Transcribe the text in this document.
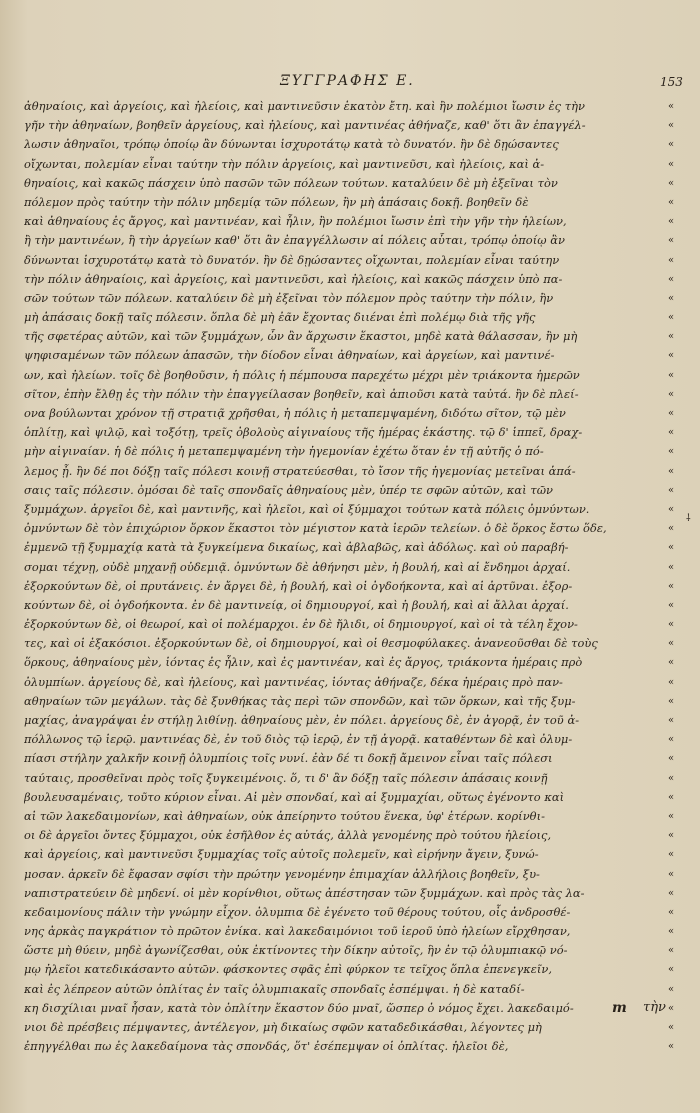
ΞΥΓΓΡΑΦΗΣ Ε.	153
ἀθηναίοις, καὶ ἀργείοις, καὶ ἠλείοις, καὶ μαντινεῦσιν ἑκατὸν ἔτη. καὶ ἢν πολέμιοι ἴωσιν ἐς τὴν
γῆν τὴν ἀθηναίων, βοηθεῖν ἀργείους, καὶ ἠλείους, καὶ μαντινέας ἀθήναζε, καθ' ὅτι ἂν ἐπαγγέλ-
λωσιν ἀθηναῖοι, τρόπῳ ὁποίῳ ἂν δύνωνται ἰσχυροτάτῳ κατὰ τὸ δυνατόν. ἢν δὲ δῃώσαντες
οἴχωνται, πολεμίαν εἶναι ταύτην τὴν πόλιν ἀργείοις, καὶ μαντινεῦσι, καὶ ἠλείοις, καὶ ἀ-
θηναίοις, καὶ κακῶς πάσχειν ὑπὸ πασῶν τῶν πόλεων τούτων. καταλύειν δὲ μὴ ἐξεῖναι τὸν
πόλεμον πρὸς ταύτην τὴν πόλιν μηδεμίᾳ τῶν πόλεων, ἢν μὴ ἁπάσαις δοκῇ. βοηθεῖν δὲ
καὶ ἀθηναίους ἐς ἄργος, καὶ μαντινέαν, καὶ ἦλιν, ἢν πολέμιοι ἴωσιν ἐπὶ τὴν γῆν τὴν ἠλείων,
ἢ τὴν μαντινέων, ἢ τὴν ἀργείων καθ' ὅτι ἂν ἐπαγγέλλωσιν αἱ πόλεις αὗται, τρόπῳ ὁποίῳ ἂν
δύνωνται ἰσχυροτάτῳ κατὰ τὸ δυνατόν. ἢν δὲ δῃώσαντες οἴχωνται, πολεμίαν εἶναι ταύτην
τὴν πόλιν ἀθηναίοις, καὶ ἀργείοις, καὶ μαντινεῦσι, καὶ ἠλείοις, καὶ κακῶς πάσχειν ὑπὸ πα-
σῶν τούτων τῶν πόλεων. καταλύειν δὲ μὴ ἐξεῖναι τὸν πόλεμον πρὸς ταύτην τὴν πόλιν, ἢν
μὴ ἁπάσαις δοκῇ ταῖς πόλεσιν. ὅπλα δὲ μὴ ἐᾶν ἔχοντας διιέναι ἐπὶ πολέμῳ διὰ τῆς γῆς
τῆς σφετέρας αὐτῶν, καὶ τῶν ξυμμάχων, ὧν ἂν ἄρχωσιν ἕκαστοι, μηδὲ κατὰ θάλασσαν, ἢν μὴ
ψηφισαμένων τῶν πόλεων ἁπασῶν, τὴν δίοδον εἶναι ἀθηναίων, καὶ ἀργείων, καὶ μαντινέ-
ων, καὶ ἠλείων. τοῖς δὲ βοηθοῦσιν, ἡ πόλις ἡ πέμπουσα παρεχέτω μέχρι μὲν τριάκοντα ἡμερῶν
σῖτον, ἐπὴν ἔλθῃ ἐς τὴν πόλιν τὴν ἐπαγγείλασαν βοηθεῖν, καὶ ἀπιοῦσι κατὰ ταὐτά. ἢν δὲ πλεί-
ονα βούλωνται χρόνον τῇ στρατιᾷ χρῆσθαι, ἡ πόλις ἡ μεταπεμψαμένη, διδότω σῖτον, τῷ μὲν
ὁπλίτῃ, καὶ ψιλῷ, καὶ τοξότῃ, τρεῖς ὀβολοὺς αἰγιναίους τῆς ἡμέρας ἑκάστης. τῷ δ' ἱππεῖ, δραχ-
μὴν αἰγιναίαν. ἡ δὲ πόλις ἡ μεταπεμψαμένη τὴν ἡγεμονίαν ἐχέτω ὅταν ἐν τῇ αὐτῆς ὁ πό-
λεμος ᾖ. ἢν δέ ποι δόξῃ ταῖς πόλεσι κοινῇ στρατεύεσθαι, τὸ ἴσον τῆς ἡγεμονίας μετεῖναι ἁπά-
σαις ταῖς πόλεσιν. ὀμόσαι δὲ ταῖς σπονδαῖς ἀθηναίους μὲν, ὑπέρ τε σφῶν αὐτῶν, καὶ τῶν
ξυμμάχων. ἀργεῖοι δὲ, καὶ μαντινῆς, καὶ ἠλεῖοι, καὶ οἱ ξύμμαχοι τούτων κατὰ πόλεις ὀμνύντων.
ὀμνύντων δὲ τὸν ἐπιχώριον ὅρκον ἕκαστοι τὸν μέγιστον κατὰ ἱερῶν τελείων. ὁ δὲ ὅρκος ἔστω ὅδε,
ἐμμενῶ τῇ ξυμμαχίᾳ κατὰ τὰ ξυγκείμενα δικαίως, καὶ ἀβλαβῶς, καὶ ἀδόλως. καὶ οὐ παραβή-
σομαι τέχνῃ, οὐδὲ μηχανῇ οὐδεμιᾷ. ὀμνύντων δὲ ἀθήνησι μὲν, ἡ βουλή, καὶ αἱ ἔνδημοι ἀρχαί.
ἐξορκούντων δὲ, οἱ πρυτάνεις. ἐν ἄργει δὲ, ἡ βουλή, καὶ οἱ ὀγδοήκοντα, καὶ αἱ ἀρτῦναι. ἐξορ-
κούντων δὲ, οἱ ὀγδοήκοντα. ἐν δὲ μαντινείᾳ, οἱ δημιουργοί, καὶ ἡ βουλή, καὶ αἱ ἄλλαι ἀρχαί.
ἐξορκούντων δὲ, οἱ θεωροί, καὶ οἱ πολέμαρχοι. ἐν δὲ ἤλιδι, οἱ δημιουργοί, καὶ οἱ τὰ τέλη ἔχον-
τες, καὶ οἱ ἑξακόσιοι. ἐξορκούντων δὲ, οἱ δημιουργοί, καὶ οἱ θεσμοφύλακες. ἀνανεοῦσθαι δὲ τοὺς
ὅρκους, ἀθηναίους μὲν, ἰόντας ἐς ἦλιν, καὶ ἐς μαντινέαν, καὶ ἐς ἄργος, τριάκοντα ἡμέραις πρὸ
ὀλυμπίων. ἀργείους δὲ, καὶ ἠλείους, καὶ μαντινέας, ἰόντας ἀθήναζε, δέκα ἡμέραις πρὸ παν-
αθηναίων τῶν μεγάλων. τὰς δὲ ξυνθήκας τὰς περὶ τῶν σπονδῶν, καὶ τῶν ὅρκων, καὶ τῆς ξυμ-
μαχίας, ἀναγράψαι ἐν στήλῃ λιθίνῃ. ἀθηναίους μὲν, ἐν πόλει. ἀργείους δὲ, ἐν ἀγορᾷ, ἐν τοῦ ἀ-
πόλλωνος τῷ ἱερῷ. μαντινέας δὲ, ἐν τοῦ διὸς τῷ ἱερῷ, ἐν τῇ ἀγορᾷ. καταθέντων δὲ καὶ ὀλυμ-
πίασι στήλην χαλκῆν κοινῇ ὀλυμπίοις τοῖς νυνί. ἐὰν δέ τι δοκῇ ἄμεινον εἶναι ταῖς πόλεσι
ταύταις, προσθεῖναι πρὸς τοῖς ξυγκειμένοις. ὅ, τι δ' ἂν δόξῃ ταῖς πόλεσιν ἁπάσαις κοινῇ
βουλευσαμέναις, τοῦτο κύριον εἶναι. Αἱ μὲν σπονδαί, καὶ αἱ ξυμμαχίαι, οὕτως ἐγένοντο καὶ
αἱ τῶν λακεδαιμονίων, καὶ ἀθηναίων, οὐκ ἀπείρηντο τούτου ἕνεκα, ὑφ' ἑτέρων. κορίνθι-
οι δὲ ἀργεῖοι ὄντες ξύμμαχοι, οὐκ ἐσῆλθον ἐς αὐτάς, ἀλλὰ γενομένης πρὸ τούτου ἠλείοις,
καὶ ἀργείοις, καὶ μαντινεῦσι ξυμμαχίας τοῖς αὐτοῖς πολεμεῖν, καὶ εἰρήνην ἄγειν, ξυνώ-
μοσαν. ἀρκεῖν δὲ ἔφασαν σφίσι τὴν πρώτην γενομένην ἐπιμαχίαν ἀλλήλοις βοηθεῖν, ξυ-
ναπιστρατεύειν δὲ μηδενί. οἱ μὲν κορίνθιοι, οὕτως ἀπέστησαν τῶν ξυμμάχων. καὶ πρὸς τὰς λα-
κεδαιμονίους πάλιν τὴν γνώμην εἶχον. ὀλυμπια δὲ ἐγένετο τοῦ θέρους τούτου, οἷς ἀνδροσθέ-
νης ἀρκὰς παγκράτιον τὸ πρῶτον ἐνίκα. καὶ λακεδαιμόνιοι τοῦ ἱεροῦ ὑπὸ ἠλείων εἴρχθησαν,
ὥστε μὴ θύειν, μηδὲ ἀγωνίζεσθαι, οὐκ ἐκτίνοντες τὴν δίκην αὐτοῖς, ἣν ἐν τῷ ὀλυμπιακῷ νό-
μῳ ἠλεῖοι κατεδικάσαντο αὐτῶν. φάσκοντες σφᾶς ἐπὶ φύρκον τε τεῖχος ὅπλα ἐπενεγκεῖν,
καὶ ἐς λέπρεον αὐτῶν ὁπλίτας ἐν ταῖς ὀλυμπιακαῖς σπονδαῖς ἐσπέμψαι. ἡ δὲ καταδί-
κη δισχίλιαι μναῖ ἦσαν, κατὰ τὸν ὁπλίτην ἕκαστον δύο μναῖ, ὥσπερ ὁ νόμος ἔχει. λακεδαιμό-
νιοι δὲ πρέσβεις πέμψαντες, ἀντέλεγον, μὴ δικαίως σφῶν καταδεδικάσθαι, λέγοντες μὴ
ἐπηγγέλθαι πω ἐς λακεδαίμονα τὰς σπονδάς, ὅτ' ἐσέπεμψαν οἱ ὁπλίτας. ἠλεῖοι δὲ,
«
«
«
«
«
«
«
«
«
«
«
«
«
«
«
«
«
«
«
«
«
«
«
«
«
«
«
«
«
«
«
«
«
«
«
«
«
«
«
«
«
«
«
«
«
«
«
«
«
«
⸸
m τὴν
